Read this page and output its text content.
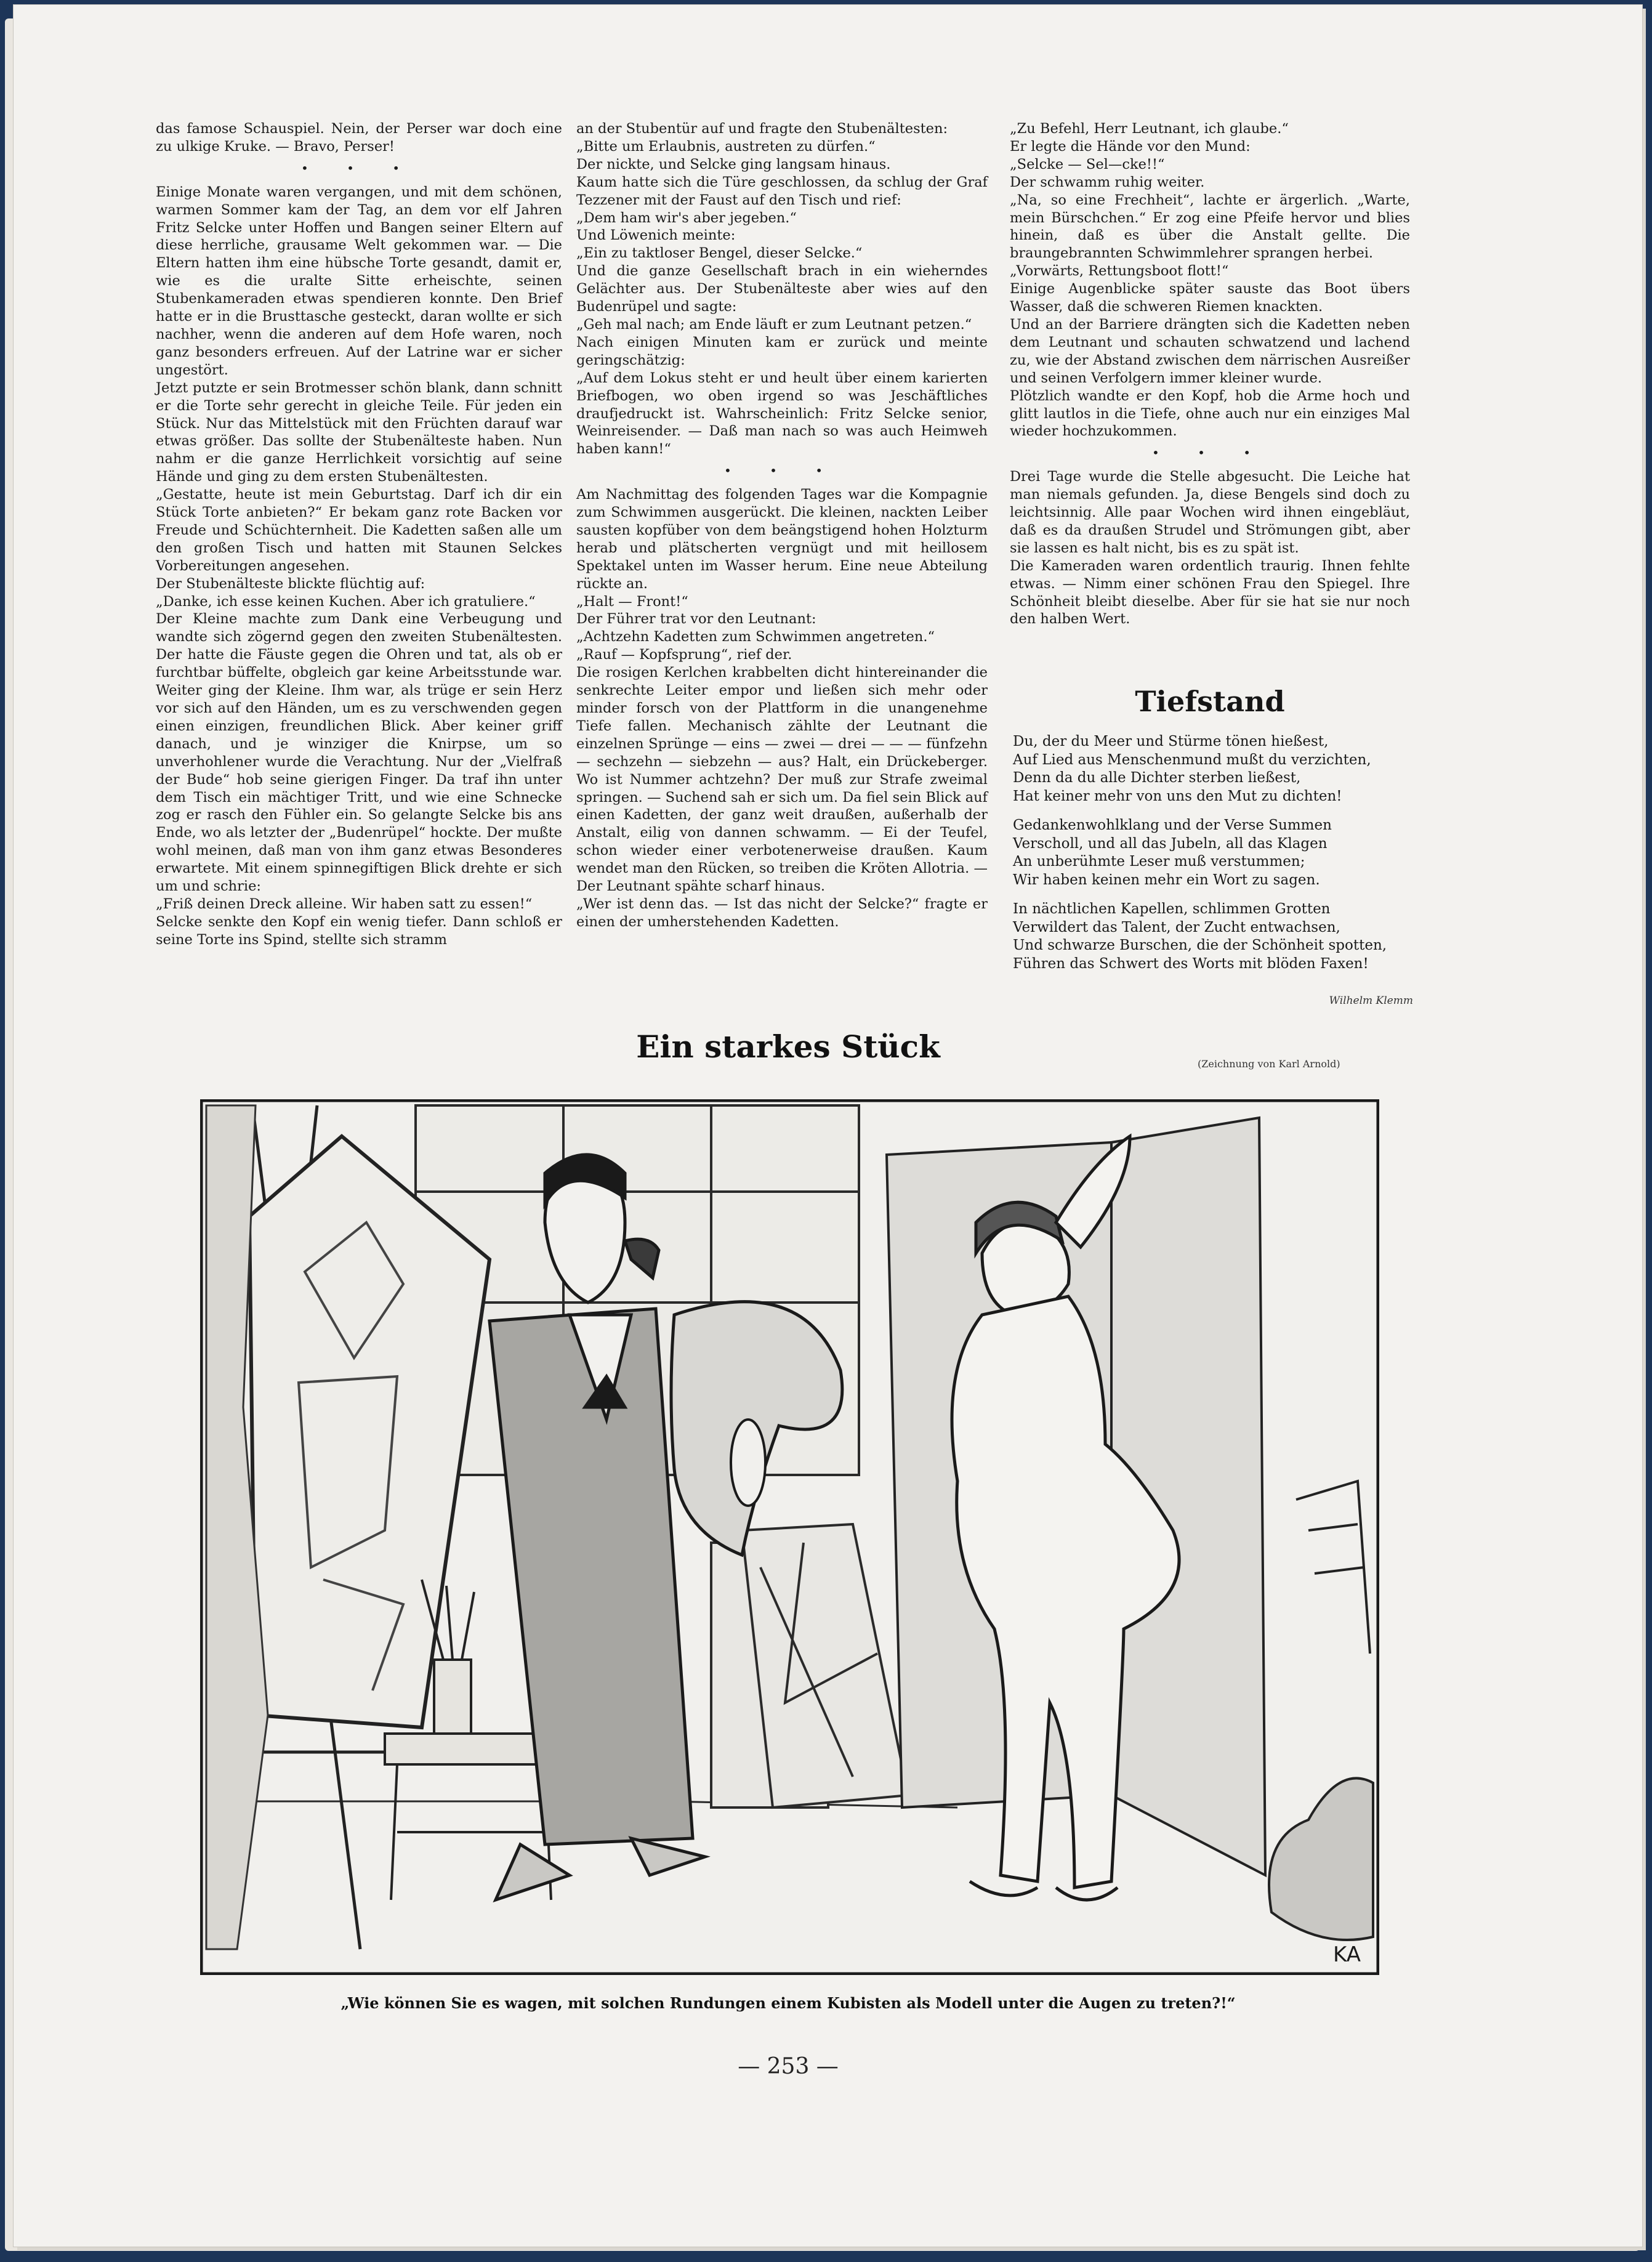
das famose Schauspiel. Nein, der Perser war doch eine zu ulkige Kruke. — Bravo, Perser!

• • •

Einige Monate waren vergangen, und mit dem schönen, warmen Sommer kam der Tag, an dem vor elf Jahren Fritz Selcke unter Hoffen und Bangen seiner Eltern auf diese herrliche, grausame Welt gekommen war. — Die Eltern hatten ihm eine hübsche Torte gesandt, damit er, wie es die uralte Sitte erheischte, seinen Stubenkameraden etwas spendieren konnte. Den Brief hatte er in die Brusttasche gesteckt, daran wollte er sich nachher, wenn die anderen auf dem Hofe waren, noch ganz besonders erfreuen. Auf der Latrine war er sicher ungestört.

Jetzt putzte er sein Brotmesser schön blank, dann schnitt er die Torte sehr gerecht in gleiche Teile. Für jeden ein Stück. Nur das Mittelstück mit den Früchten darauf war etwas größer. Das sollte der Stubenälteste haben. Nun nahm er die ganze Herrlichkeit vorsichtig auf seine Hände und ging zu dem ersten Stubenältesten.

„Gestatte, heute ist mein Geburtstag. Darf ich dir ein Stück Torte anbieten?“ Er bekam ganz rote Backen vor Freude und Schüchternheit. Die Kadetten saßen alle um den großen Tisch und hatten mit Staunen Selckes Vorbereitungen angesehen.

Der Stubenälteste blickte flüchtig auf:

„Danke, ich esse keinen Kuchen. Aber ich gratuliere.“

Der Kleine machte zum Dank eine Verbeugung und wandte sich zögernd gegen den zweiten Stubenältesten. Der hatte die Fäuste gegen die Ohren und tat, als ob er furchtbar büffelte, obgleich gar keine Arbeitsstunde war. Weiter ging der Kleine. Ihm war, als trüge er sein Herz vor sich auf den Händen, um es zu verschwenden gegen einen einzigen, freundlichen Blick. Aber keiner griff danach, und je winziger die Knirpse, um so unverhohlener wurde die Verachtung. Nur der „Vielfraß der Bude“ hob seine gierigen Finger. Da traf ihn unter dem Tisch ein mächtiger Tritt, und wie eine Schnecke zog er rasch den Fühler ein. So gelangte Selcke bis ans Ende, wo als letzter der „Budenrüpel“ hockte. Der mußte wohl meinen, daß man von ihm ganz etwas Besonderes erwartete. Mit einem spinnegiftigen Blick drehte er sich um und schrie:

„Friß deinen Dreck alleine. Wir haben satt zu essen!“

Selcke senkte den Kopf ein wenig tiefer. Dann schloß er seine Torte ins Spind, stellte sich stramm

an der Stubentür auf und fragte den Stubenältesten:

„Bitte um Erlaubnis, austreten zu dürfen.“

Der nickte, und Selcke ging langsam hinaus.

Kaum hatte sich die Türe geschlossen, da schlug der Graf Tezzener mit der Faust auf den Tisch und rief:

„Dem ham wir's aber jegeben.“

Und Löwenich meinte:

„Ein zu taktloser Bengel, dieser Selcke.“

Und die ganze Gesellschaft brach in ein wieherndes Gelächter aus. Der Stubenälteste aber wies auf den Budenrüpel und sagte:

„Geh mal nach; am Ende läuft er zum Leutnant petzen.“

Nach einigen Minuten kam er zurück und meinte geringschätzig:

„Auf dem Lokus steht er und heult über einem karierten Briefbogen, wo oben irgend so was Jeschäftliches draufjedruckt ist. Wahrscheinlich: Fritz Selcke senior, Weinreisender. — Daß man nach so was auch Heimweh haben kann!“

• • •

Am Nachmittag des folgenden Tages war die Kompagnie zum Schwimmen ausgerückt. Die kleinen, nackten Leiber sausten kopfüber von dem beängstigend hohen Holzturm herab und plätscherten vergnügt und mit heillosem Spektakel unten im Wasser herum. Eine neue Abteilung rückte an.

„Halt — Front!“

Der Führer trat vor den Leutnant:

„Achtzehn Kadetten zum Schwimmen angetreten.“

„Rauf — Kopfsprung“, rief der.

Die rosigen Kerlchen krabbelten dicht hintereinander die senkrechte Leiter empor und ließen sich mehr oder minder forsch von der Plattform in die unangenehme Tiefe fallen. Mechanisch zählte der Leutnant die einzelnen Sprünge — eins — zwei — drei — — — fünfzehn — sechzehn — siebzehn — aus? Halt, ein Drückeberger. Wo ist Nummer achtzehn? Der muß zur Strafe zweimal springen. — Suchend sah er sich um. Da fiel sein Blick auf einen Kadetten, der ganz weit draußen, außerhalb der Anstalt, eilig von dannen schwamm. — Ei der Teufel, schon wieder einer verbotenerweise draußen. Kaum wendet man den Rücken, so treiben die Kröten Allotria. — Der Leutnant spähte scharf hinaus.

„Wer ist denn das. — Ist das nicht der Selcke?“ fragte er einen der umherstehenden Kadetten.

„Zu Befehl, Herr Leutnant, ich glaube.“

Er legte die Hände vor den Mund:

„Selcke — Sel—cke!!“

Der schwamm ruhig weiter.

„Na, so eine Frechheit“, lachte er ärgerlich. „Warte, mein Bürschchen.“ Er zog eine Pfeife hervor und blies hinein, daß es über die Anstalt gellte. Die braungebrannten Schwimmlehrer sprangen herbei.

„Vorwärts, Rettungsboot flott!“

Einige Augenblicke später sauste das Boot übers Wasser, daß die schweren Riemen knackten.

Und an der Barriere drängten sich die Kadetten neben dem Leutnant und schauten schwatzend und lachend zu, wie der Abstand zwischen dem närrischen Ausreißer und seinen Verfolgern immer kleiner wurde.

Plötzlich wandte er den Kopf, hob die Arme hoch und glitt lautlos in die Tiefe, ohne auch nur ein einziges Mal wieder hochzukommen.

• • •

Drei Tage wurde die Stelle abgesucht. Die Leiche hat man niemals gefunden. Ja, diese Bengels sind doch zu leichtsinnig. Alle paar Wochen wird ihnen eingebläut, daß es da draußen Strudel und Strömungen gibt, aber sie lassen es halt nicht, bis es zu spät ist.

Die Kameraden waren ordentlich traurig. Ihnen fehlte etwas. — Nimm einer schönen Frau den Spiegel. Ihre Schönheit bleibt dieselbe. Aber für sie hat sie nur noch den halben Wert.

Tiefstand

Du, der du Meer und Stürme tönen hießest,
Auf Lied aus Menschenmund mußt du verzichten,
Denn da du alle Dichter sterben ließest,
Hat keiner mehr von uns den Mut zu dichten!

Gedankenwohlklang und der Verse Summen
Verscholl, und all das Jubeln, all das Klagen
An unberühmte Leser muß verstummen;
Wir haben keinen mehr ein Wort zu sagen.

In nächtlichen Kapellen, schlimmen Grotten
Verwildert das Talent, der Zucht entwachsen,
Und schwarze Burschen, die der Schönheit spotten,
Führen das Schwert des Worts mit blöden Faxen!

Wilhelm Klemm
Ein starkes Stück	(Zeichnung von Karl Arnold)
KA
„Wie können Sie es wagen, mit solchen Rundungen einem Kubisten als Modell unter die Augen zu treten?!“
— 253 —
